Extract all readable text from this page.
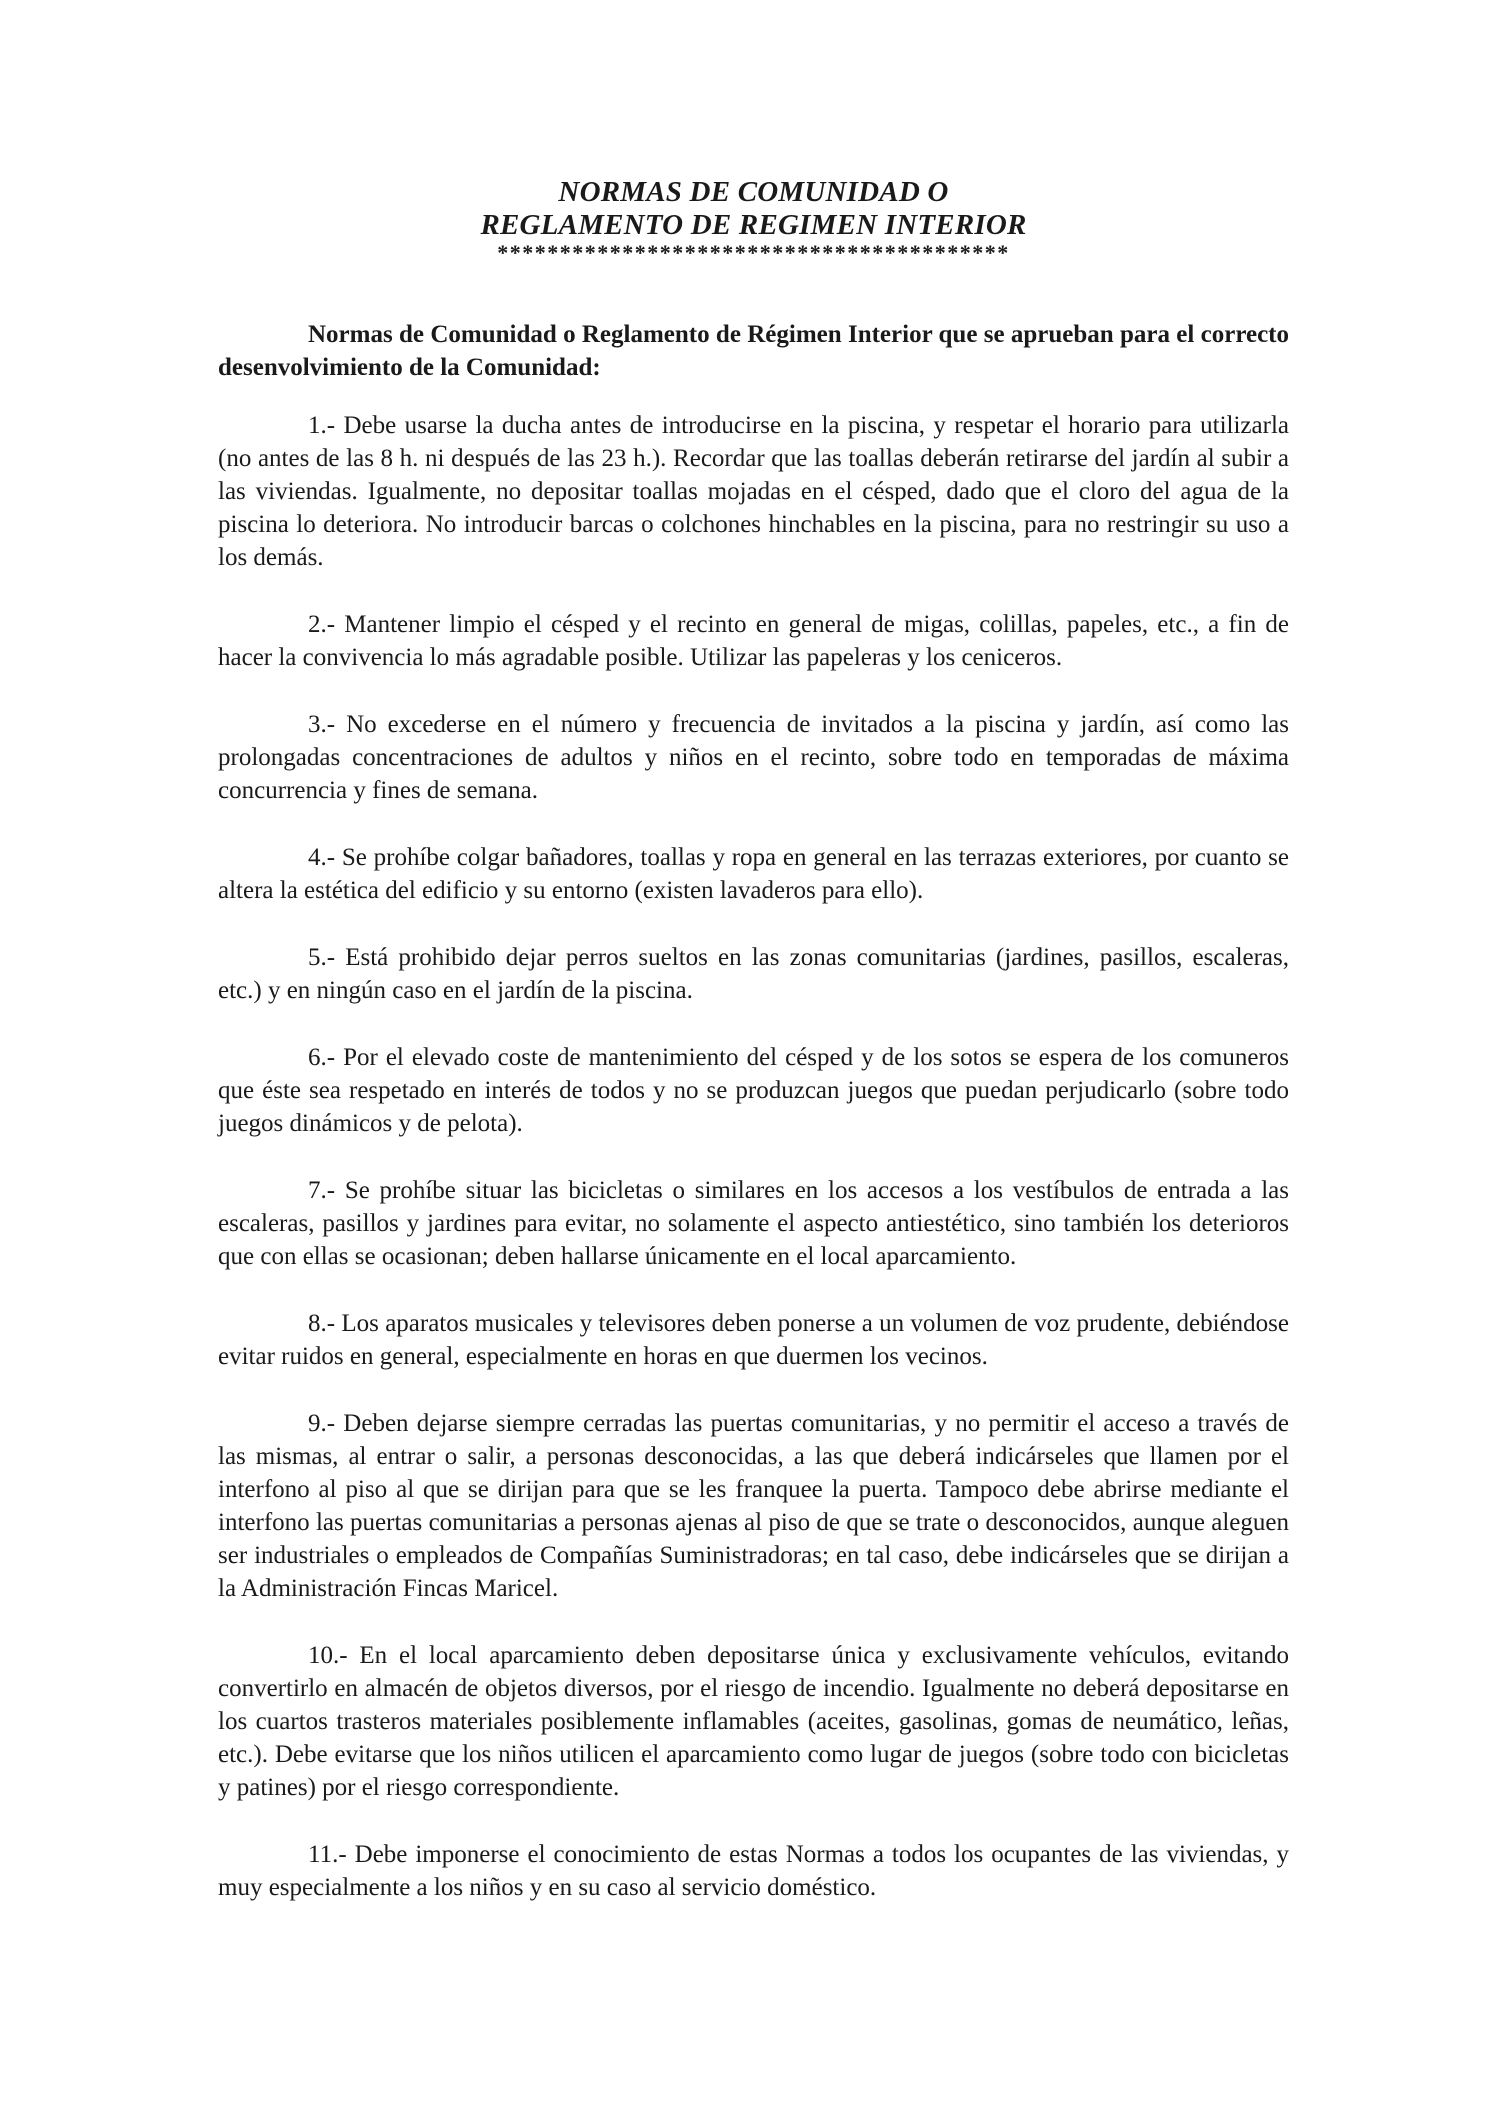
NORMAS DE COMUNIDAD O
REGLAMENTO DE REGIMEN INTERIOR
*****************************************

Normas de Comunidad o Reglamento de Régimen Interior que se aprueban para el correcto desenvolvimiento de la Comunidad:

1.- Debe usarse la ducha antes de introducirse en la piscina, y respetar el horario para utilizarla (no antes de las 8 h. ni después de las 23 h.). Recordar que las toallas deberán retirarse del jardín al subir a las viviendas. Igualmente, no depositar toallas mojadas en el césped, dado que el cloro del agua de la piscina lo deteriora. No introducir barcas o colchones hinchables en la piscina, para no restringir su uso a los demás.

2.- Mantener limpio el césped y el recinto en general de migas, colillas, papeles, etc., a fin de hacer la convivencia lo más agradable posible. Utilizar las papeleras y los ceniceros.

3.- No excederse en el número y frecuencia de invitados a la piscina y jardín, así como las prolongadas concentraciones de adultos y niños en el recinto, sobre todo en temporadas de máxima concurrencia y fines de semana.

4.- Se prohíbe colgar bañadores, toallas y ropa en general en las terrazas exteriores, por cuanto se altera la estética del edificio y su entorno (existen lavaderos para ello).

5.- Está prohibido dejar perros sueltos en las zonas comunitarias (jardines, pasillos, escaleras, etc.) y en ningún caso en el jardín de la piscina.

6.- Por el elevado coste de mantenimiento del césped y de los sotos se espera de los comuneros que éste sea respetado en interés de todos y no se produzcan juegos que puedan perjudicarlo (sobre todo juegos dinámicos y de pelota).

7.- Se prohíbe situar las bicicletas o similares en los accesos a los vestíbulos de entrada a las escaleras, pasillos y jardines para evitar, no solamente el aspecto antiestético, sino también los deterioros que con ellas se ocasionan; deben hallarse únicamente en el local aparcamiento.

8.- Los aparatos musicales y televisores deben ponerse a un volumen de voz prudente, debiéndose evitar ruidos en general, especialmente en horas en que duermen los vecinos.

9.- Deben dejarse siempre cerradas las puertas comunitarias, y no permitir el acceso a través de las mismas, al entrar o salir, a personas desconocidas, a las que deberá indicárseles que llamen por el interfono al piso al que se dirijan para que se les franquee la puerta. Tampoco debe abrirse mediante el interfono las puertas comunitarias a personas ajenas al piso de que se trate o desconocidos, aunque aleguen ser industriales o empleados de Compañías Suministradoras; en tal caso, debe indicárseles que se dirijan a la Administración Fincas Maricel.

10.- En el local aparcamiento deben depositarse única y exclusivamente vehículos, evitando convertirlo en almacén de objetos diversos, por el riesgo de incendio. Igualmente no deberá depositarse en los cuartos trasteros materiales posiblemente inflamables (aceites, gasolinas, gomas de neumático, leñas, etc.). Debe evitarse que los niños utilicen el aparcamiento como lugar de juegos (sobre todo con bicicletas y patines) por el riesgo correspondiente.

11.- Debe imponerse el conocimiento de estas Normas a todos los ocupantes de las viviendas, y muy especialmente a los niños y en su caso al servicio doméstico.
